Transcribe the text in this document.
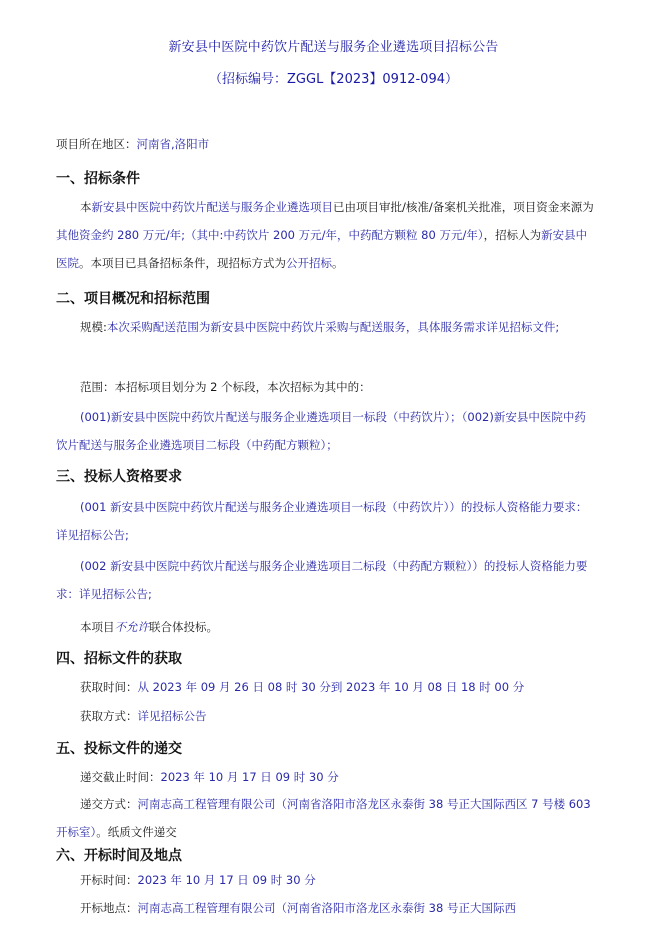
新安县中医院中药饮片配送与服务企业遴选项目招标公告
（招标编号：ZGGL【2023】0912-094）
项目所在地区：河南省,洛阳市
一、招标条件
本新安县中医院中药饮片配送与服务企业遴选项目已由项目审批/核准/备案机关批准，项目资金来源为其他资金约 280 万元/年;（其中:中药饮片 200 万元/年，中药配方颗粒 80 万元/年），招标人为新安县中医院。本项目已具备招标条件，现招标方式为公开招标。
二、项目概况和招标范围
规模:本次采购配送范围为新安县中医院中药饮片采购与配送服务，具体服务需求详见招标文件;
范围：本招标项目划分为 2 个标段，本次招标为其中的：
(001)新安县中医院中药饮片配送与服务企业遴选项目一标段（中药饮片）；（002)新安县中医院中药饮片配送与服务企业遴选项目二标段（中药配方颗粒）；
三、投标人资格要求
(001 新安县中医院中药饮片配送与服务企业遴选项目一标段（中药饮片））的投标人资格能力要求：详见招标公告;
(002 新安县中医院中药饮片配送与服务企业遴选项目二标段（中药配方颗粒））的投标人资格能力要求：详见招标公告;
本项目不允许联合体投标。
四、招标文件的获取
获取时间：从 2023 年 09 月 26 日 08 时 30 分到 2023 年 10 月 08 日 18 时 00 分
获取方式：详见招标公告
五、投标文件的递交
递交截止时间：2023 年 10 月 17 日 09 时 30 分
递交方式：河南志高工程管理有限公司（河南省洛阳市洛龙区永泰街 38 号正大国际西区 7 号楼 603 开标室）。纸质文件递交
六、开标时间及地点
开标时间：2023 年 10 月 17 日 09 时 30 分
开标地点：河南志高工程管理有限公司（河南省洛阳市洛龙区永泰街 38 号正大国际西
